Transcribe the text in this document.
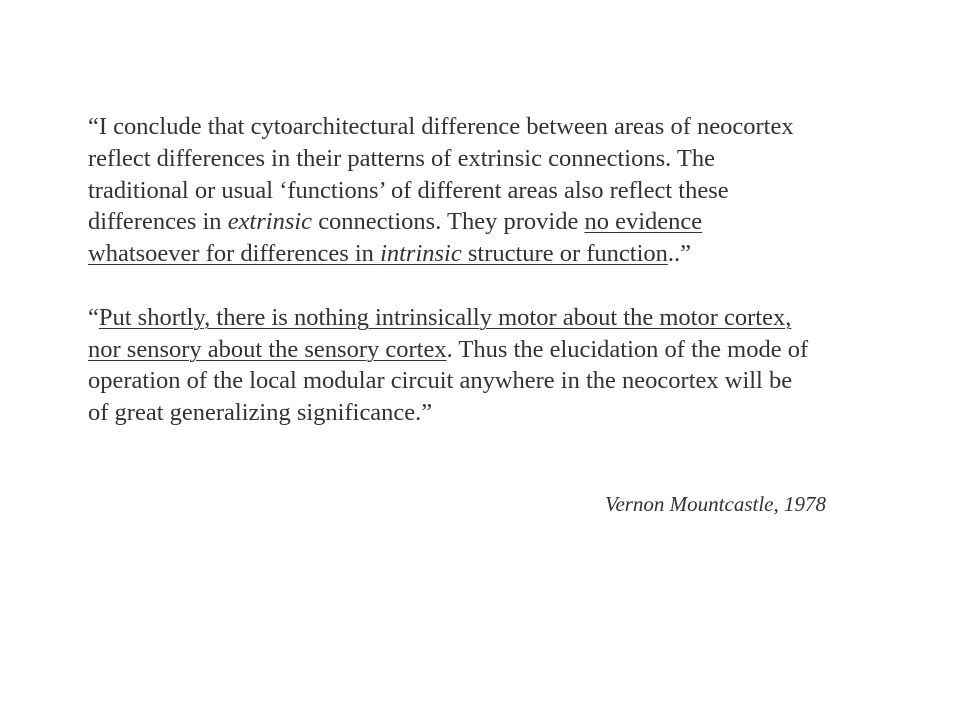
“I conclude that cytoarchitectural difference between areas of neocortex reflect differences in their patterns of extrinsic connections. The traditional or usual ‘functions’ of different areas also reflect these differences in extrinsic connections. They provide no evidence whatsoever for differences in intrinsic structure or function..”

“Put shortly, there is nothing intrinsically motor about the motor cortex, nor sensory about the sensory cortex. Thus the elucidation of the mode of operation of the local modular circuit anywhere in the neocortex will be of great generalizing significance.”

Vernon Mountcastle, 1978
